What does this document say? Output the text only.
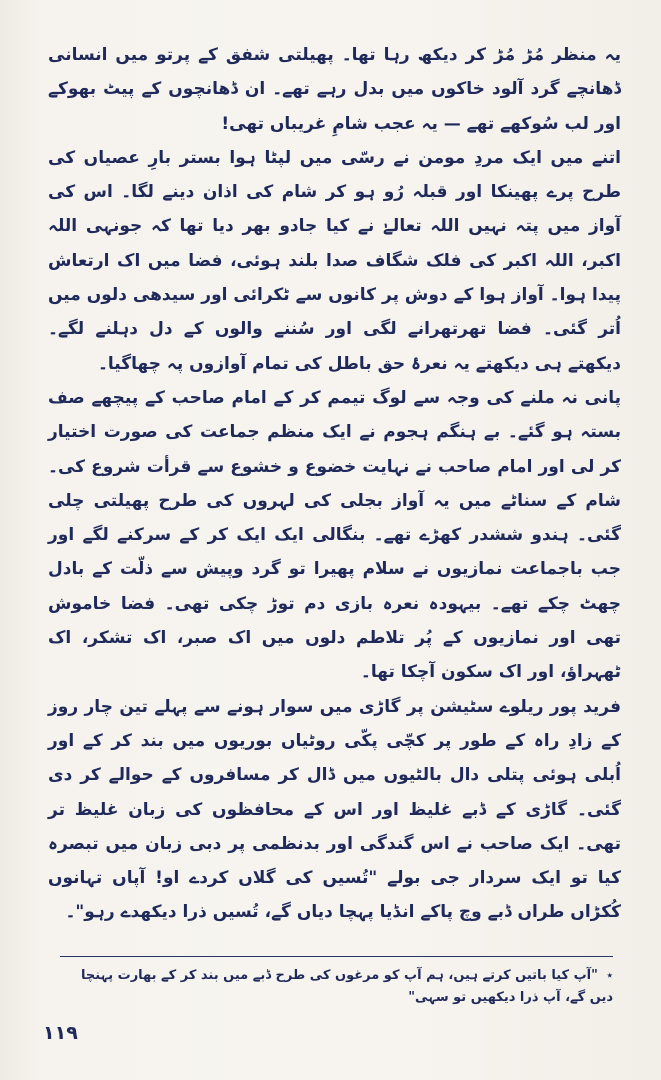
یہ منظر مُڑ مُڑ کر دیکھ رہا تھا۔ پھیلتی شفق کے پرتو میں انسانی ڈھانچے گرد آلود خاکوں میں بدل رہے تھے۔ ان ڈھانچوں کے پیٹ بھوکے اور لب سُوکھے تھے — یہ عجب شامِ غریباں تھی!

اتنے میں ایک مردِ مومن نے رسّی میں لپٹا ہوا بستر بارِ عصیاں کی طرح پرے پھینکا اور قبلہ رُو ہو کر شام کی اذان دینے لگا۔ اس کی آواز میں پتہ نہیں اللہ تعالےٰ نے کیا جادو بھر دیا تھا کہ جونہی اللہ اکبر، اللہ اکبر کی فلک شگاف صدا بلند ہوئی، فضا میں اک ارتعاش پیدا ہوا۔ آواز ہوا کے دوش پر کانوں سے ٹکرائی اور سیدھی دلوں میں اُتر گئی۔ فضا تھرتھرانے لگی اور سُننے والوں کے دل دہلنے لگے۔ دیکھتے ہی دیکھتے یہ نعرۂ حق باطل کی تمام آوازوں پہ چھاگیا۔

پانی نہ ملنے کی وجہ سے لوگ تیمم کر کے امام صاحب کے پیچھے صف بستہ ہو گئے۔ بے ہنگم ہجوم نے ایک منظم جماعت کی صورت اختیار کر لی اور امام صاحب نے نہایت خضوع و خشوع سے قرأت شروع کی۔ شام کے سناٹے میں یہ آواز بجلی کی لہروں کی طرح پھیلتی چلی گئی۔ ہندو ششدر کھڑے تھے۔ بنگالی ایک ایک کر کے سرکنے لگے اور جب باجماعت نمازیوں نے سلام پھیرا تو گرد وپیش سے ذلّت کے بادل چھٹ چکے تھے۔ بیہودہ نعرہ بازی دم توڑ چکی تھی۔ فضا خاموش تھی اور نمازیوں کے پُر تلاطم دلوں میں اک صبر، اک تشکر، اک ٹھہراؤ، اور اک سکون آچکا تھا۔

فرید پور ریلوے سٹیشن پر گاڑی میں سوار ہونے سے پہلے تین چار روز کے زادِ راہ کے طور پر کچّی پکّی روٹیاں بوریوں میں بند کر کے اور اُبلی ہوئی پتلی دال بالٹیوں میں ڈال کر مسافروں کے حوالے کر دی گئی۔ گاڑی کے ڈبے غلیظ اور اس کے محافظوں کی زبان غلیظ تر تھی۔ ایک صاحب نے اس گندگی اور بدنظمی پر دبی زبان میں تبصرہ کیا تو ایک سردار جی بولے "تُسیں کی گلاں کردے او! آپاں تہانوں کُکڑاں طراں ڈبے وچ پاکے انڈیا پہچا دیاں گے، تُسیں ذرا دیکھدے رہو"۔

٭ "آپ کیا باتیں کرتے ہیں، ہم آپ کو مرغوں کی طرح ڈبے میں بند کر کے بھارت پہنچا دیں گے، آپ ذرا دیکھیں تو سہی"
۱۱۹
